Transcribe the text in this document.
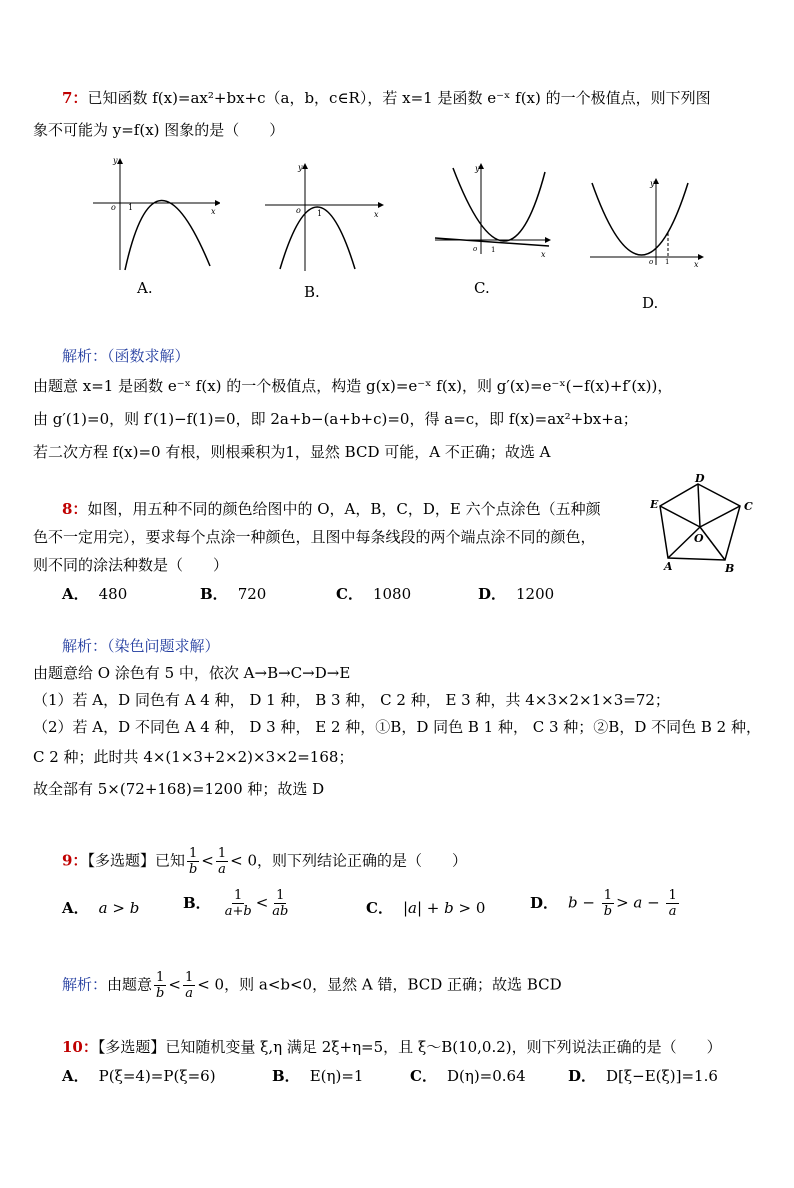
7：已知函数 f(x)=ax²+bx+c（a，b，c∈R），若 x=1 是函数 e⁻ˣ f(x) 的一个极值点，则下列图
象不可能为 y=f(x) 图象的是（　　）
y
x
o 1
A.
y
x
o 1
B.
y
x
o 1
C.
y
x
o 1
D.
解析：（函数求解）
由题意 x=1 是函数 e⁻ˣ f(x) 的一个极值点，构造 g(x)=e⁻ˣ f(x)，则 g′(x)=e⁻ˣ(−f(x)+f′(x))，
由 g′(1)=0，则 f′(1)−f(1)=0，即 2a+b−(a+b+c)=0，得 a=c，即 f(x)=ax²+bx+a；
若二次方程 f(x)=0 有根，则根乘积为1，显然 BCD 可能，A 不正确；故选 A
8：如图，用五种不同的颜色给图中的 O，A，B，C，D，E 六个点涂色（五种颜
色不一定用完），要求每个点涂一种颜色，且图中每条线段的两个端点涂不同的颜色，
则不同的涂法种数是（　　）
D
C
B
A
E
O
A． 480	B． 720	C． 1080	D． 1200
解析：（染色问题求解）
由题意给 O 涂色有 5 中，依次 A→B→C→D→E
（1）若 A，D 同色有 A 4 种， D 1 种， B 3 种， C 2 种， E 3 种，共 4×3×2×1×3=72；
（2）若 A，D 不同色 A 4 种， D 3 种， E 2 种，①B，D 同色 B 1 种， C 3 种；②B，D 不同色 B 2 种，
C 2 种；此时共 4×(1×3+2×2)×3×2=168；
故全部有 5×(72+168)=1200 种；故选 D
9：【多选题】已知 $\frac{1}{b} < \frac{1}{a} < 0$，则下列结论正确的是（　　）
A． a > b	B． $\frac{1}{a+b} < \frac{1}{ab}$	C． |a| + b > 0	D． $b - \frac{1}{b} > a - \frac{1}{a}$
解析：由题意 $\frac{1}{b} < \frac{1}{a} < 0$，则 a<b<0，显然 A 错，BCD 正确；故选 BCD
10：【多选题】已知随机变量 ξ,η 满足 2ξ+η=5，且 ξ～B(10,0.2)，则下列说法正确的是（　　）
A． P(ξ=4)=P(ξ=6)	B． E(η)=1	C． D(η)=0.64	D． D[ξ−E(ξ)]=1.6
